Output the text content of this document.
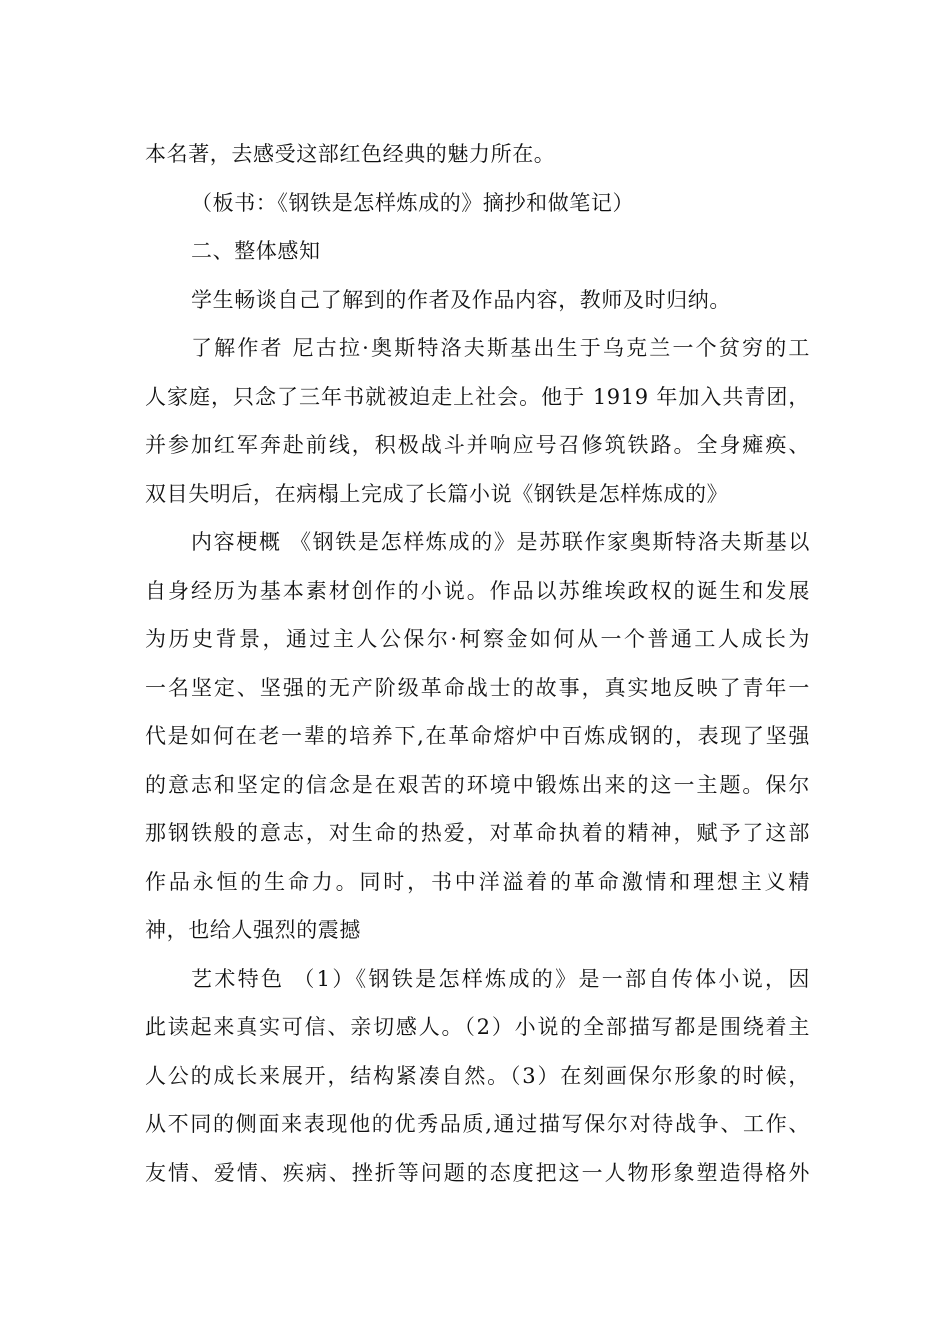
本名著，去感受这部红色经典的魅力所在。
（板书：《钢铁是怎样炼成的》摘抄和做笔记）
二、整体感知
学生畅谈自己了解到的作者及作品内容，教师及时归纳。
了解作者 尼古拉·奥斯特洛夫斯基出生于乌克兰一个贫穷的工
人家庭，只念了三年书就被迫走上社会。他于 1919 年加入共青团，
并参加红军奔赴前线，积极战斗并响应号召修筑铁路。全身瘫痪、
双目失明后，在病榻上完成了长篇小说《钢铁是怎样炼成的》
内容梗概 《钢铁是怎样炼成的》是苏联作家奥斯特洛夫斯基以
自身经历为基本素材创作的小说。作品以苏维埃政权的诞生和发展
为历史背景，通过主人公保尔·柯察金如何从一个普通工人成长为
一名坚定、坚强的无产阶级革命战士的故事，真实地反映了青年一
代是如何在老一辈的培养下,在革命熔炉中百炼成钢的，表现了坚强
的意志和坚定的信念是在艰苦的环境中锻炼出来的这一主题。保尔
那钢铁般的意志，对生命的热爱，对革命执着的精神，赋予了这部
作品永恒的生命力。同时，书中洋溢着的革命激情和理想主义精
神，也给人强烈的震撼
艺术特色 （1）《钢铁是怎样炼成的》是一部自传体小说，因
此读起来真实可信、亲切感人。（2）小说的全部描写都是围绕着主
人公的成长来展开，结构紧凑自然。（3）在刻画保尔形象的时候，
从不同的侧面来表现他的优秀品质,通过描写保尔对待战争、工作、
友情、爱情、疾病、挫折等问题的态度把这一人物形象塑造得格外
